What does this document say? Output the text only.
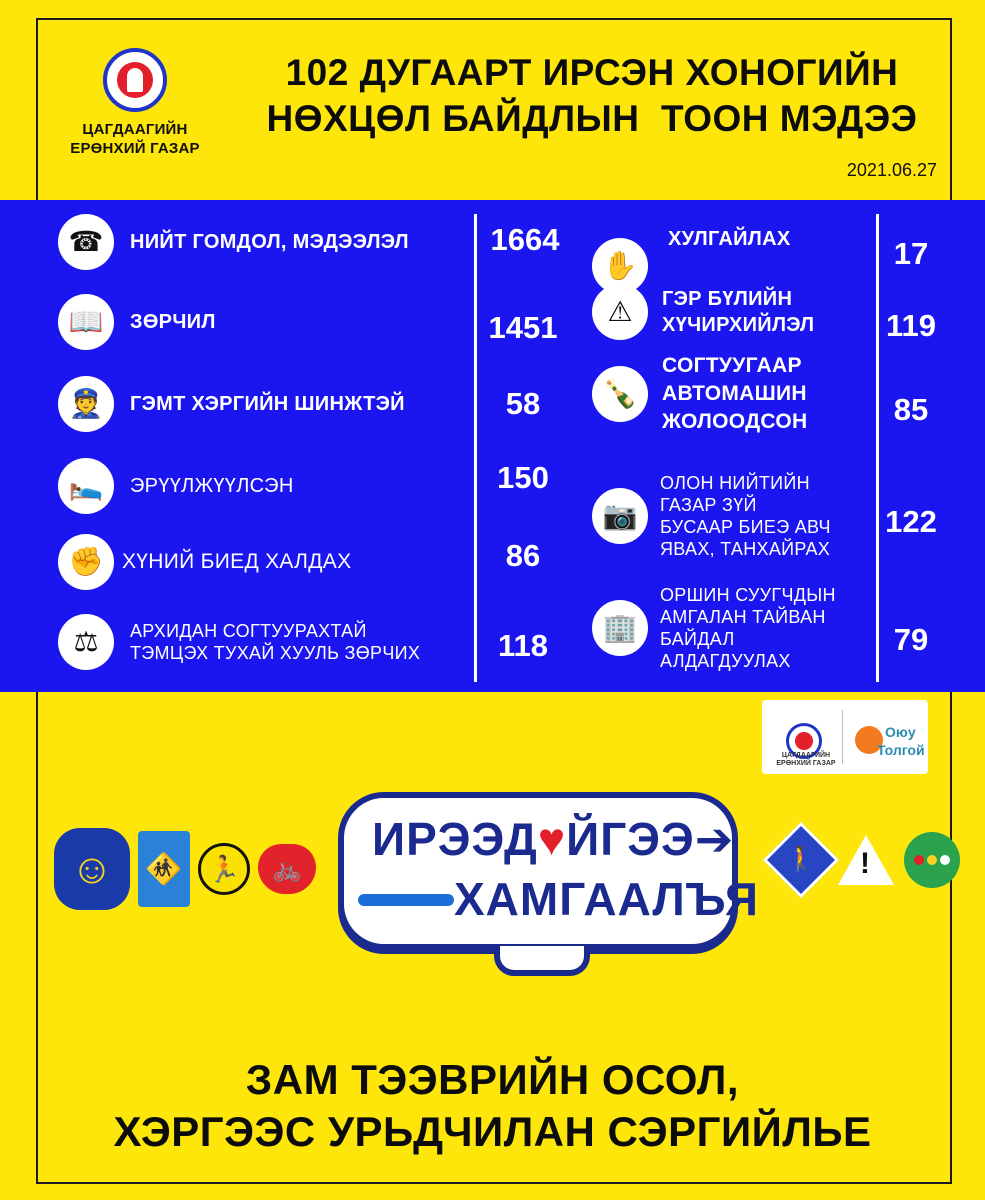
ЦАГДААГИЙН
ЕРӨНХИЙ ГАЗАР
102 ДУГААРТ ИРСЭН ХОНОГИЙН
НӨХЦӨЛ БАЙДЛЫН  ТООН МЭДЭЭ
2021.06.27
☎	НИЙТ ГОМДОЛ, МЭДЭЭЛЭЛ	1664
📖	ЗӨРЧИЛ	1451
👮	ГЭМТ ХЭРГИЙН ШИНЖТЭЙ	58
🛌	ЭРҮҮЛЖҮҮЛСЭН	150
✊ ХҮНИЙ БИЕД ХАЛДАХ	86
⚖	АРХИДАН СОГТУУРАХТАЙ
ТЭМЦЭХ ТУХАЙ ХУУЛЬ ЗӨРЧИХ	118
✋
ХУЛГАЙЛАХ	17
⚠	ГЭР БҮЛИЙН
ХҮЧИРХИЙЛЭЛ	119
🍾
СОГТУУГААР
АВТОМАШИН
ЖОЛООДСОН	85
📷
ОЛОН НИЙТИЙН
ГАЗАР ЗҮЙ
БУСААР БИЕЭ АВЧ
ЯВАХ, ТАНХАЙРАХ
122
🏢
ОРШИН СУУГЧДЫН
АМГАЛАН ТАЙВАН
БАЙДАЛ
АЛДАГДУУЛАХ
79
ЦАГДААГИЙН
ЕРӨНХИЙ ГАЗАР
Оюу
Толгой
☺	🚸 🏃	🚲
ИРЭЭД♥ЙГЭЭ➔
ХАМГААЛЪЯ
🚶 !
ЗАМ ТЭЭВРИЙН ОСОЛ,
ХЭРГЭЭС УРЬДЧИЛАН СЭРГИЙЛЬЕ
